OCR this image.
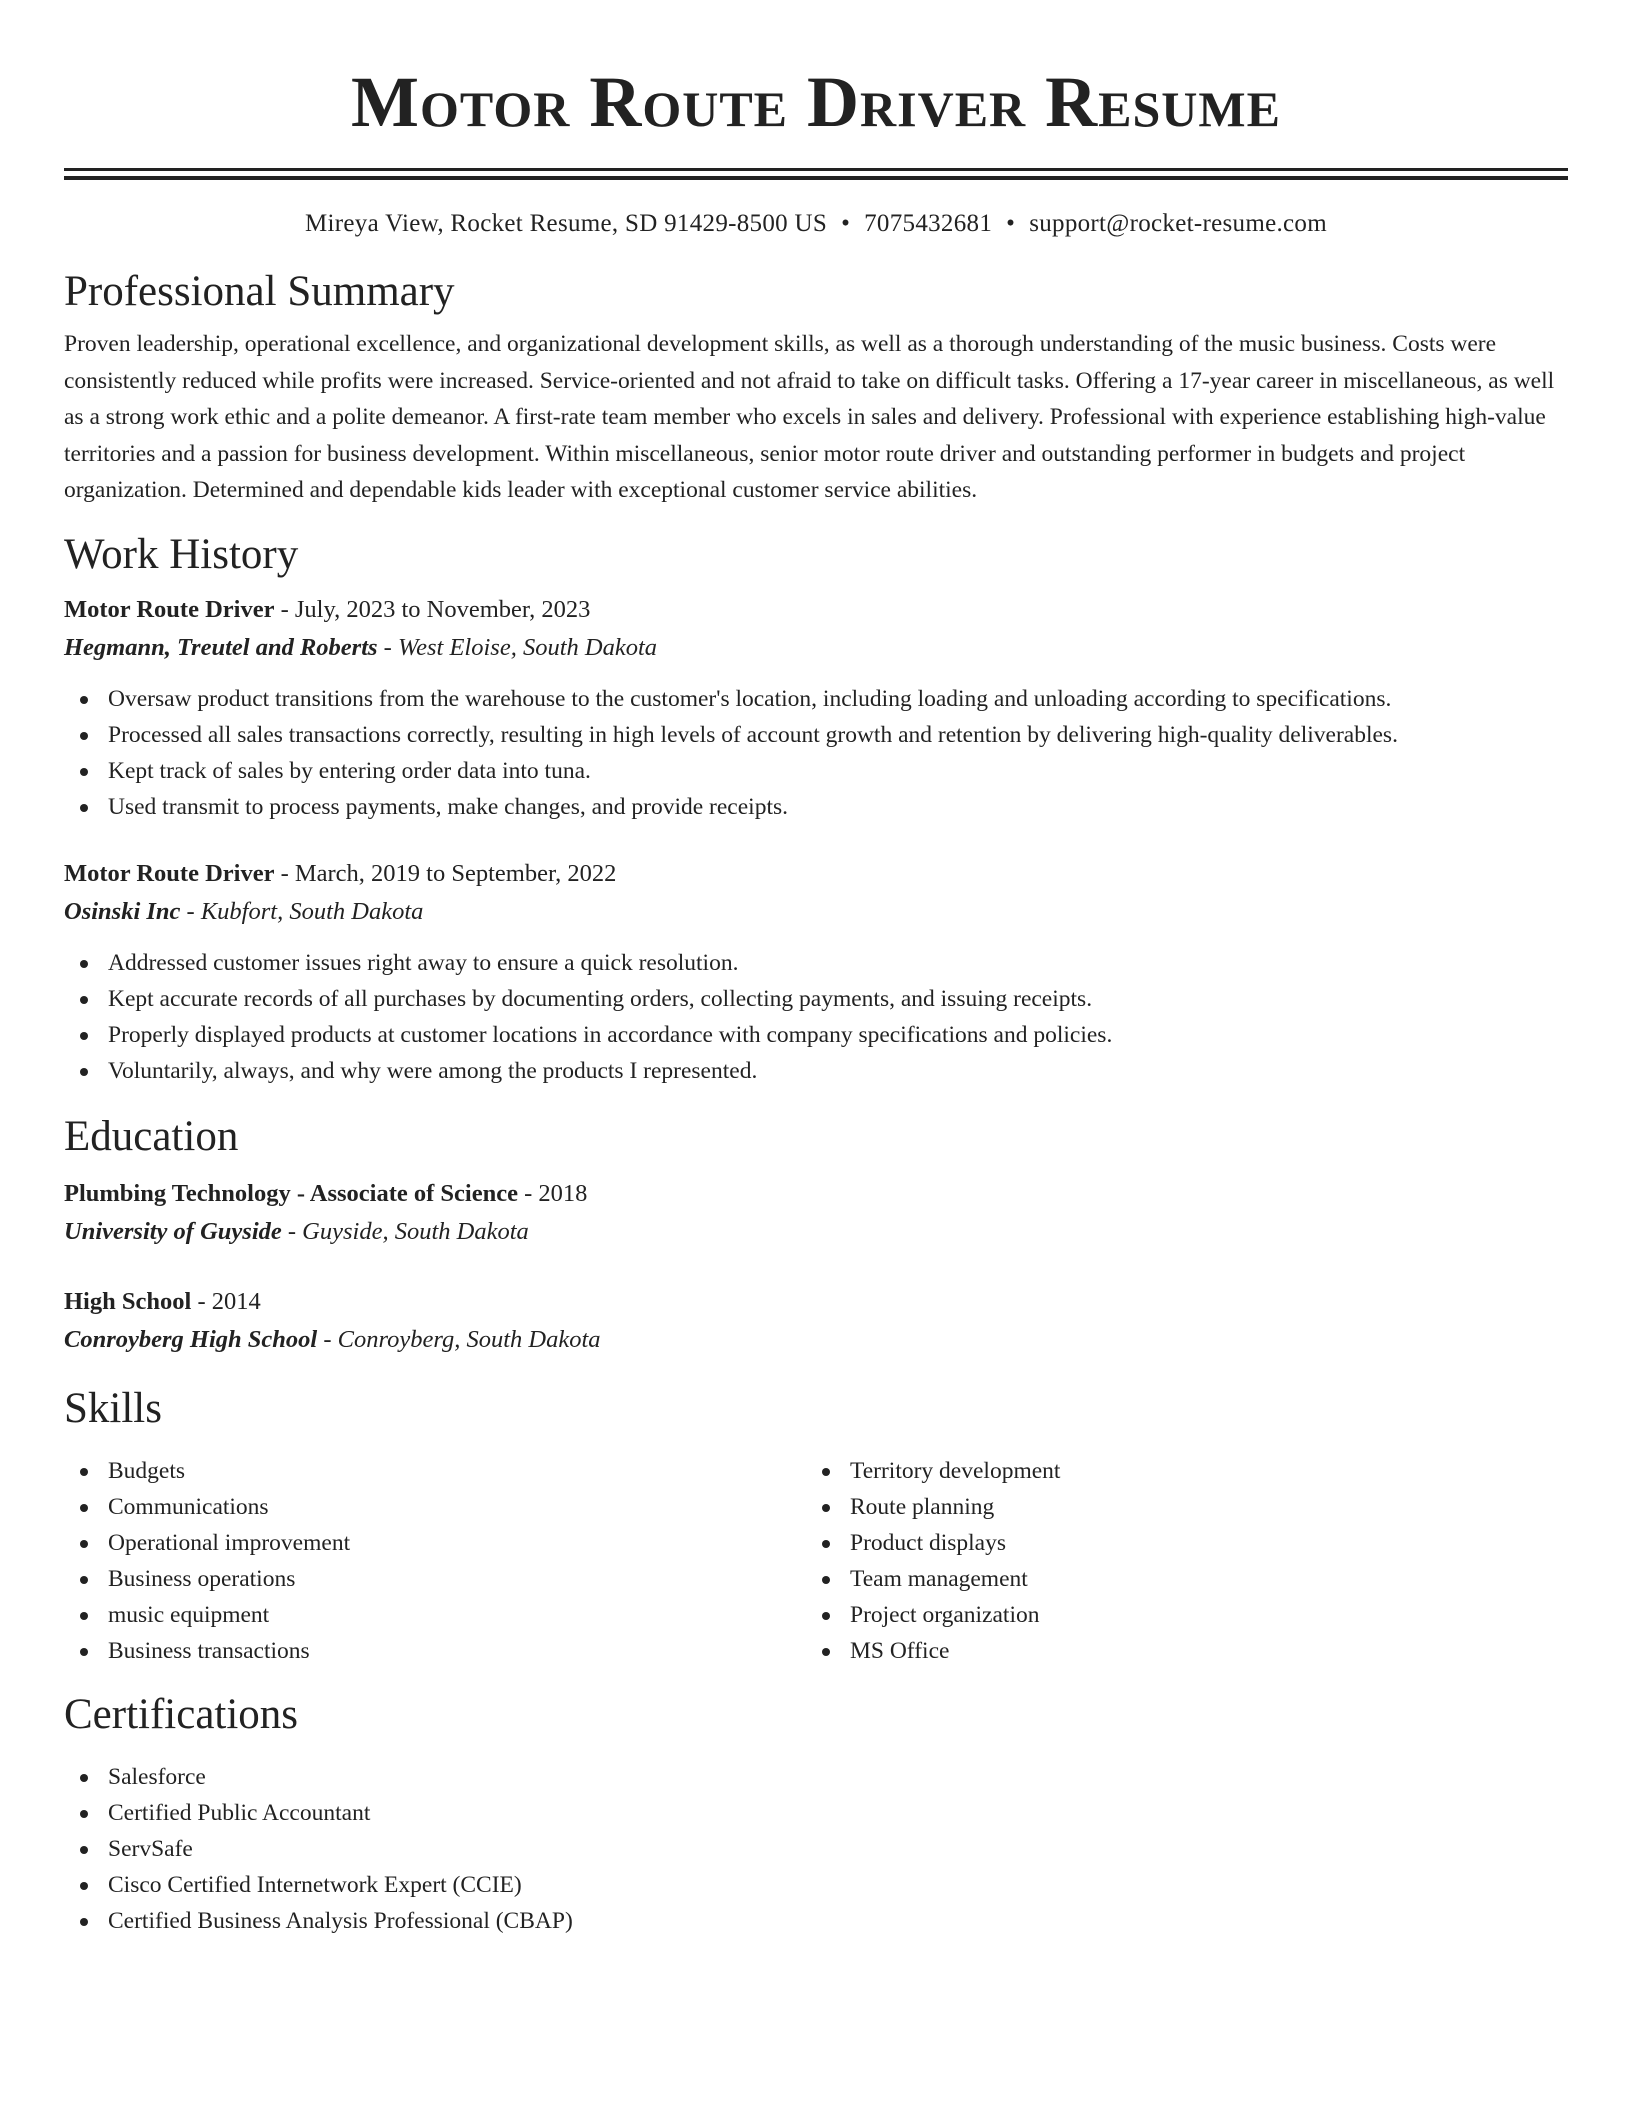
Motor Route Driver Resume
Mireya View, Rocket Resume, SD 91429-8500 US • 7075432681 • support@rocket-resume.com
Professional Summary

Proven leadership, operational excellence, and organizational development skills, as well as a thorough understanding of the music business. Costs were consistently reduced while profits were increased. Service-oriented and not afraid to take on difficult tasks. Offering a 17-year career in miscellaneous, as well as a strong work ethic and a polite demeanor. A first-rate team member who excels in sales and delivery. Professional with experience establishing high-value territories and a passion for business development. Within miscellaneous, senior motor route driver and outstanding performer in budgets and project organization. Determined and dependable kids leader with exceptional customer service abilities.

Work History
Motor Route Driver - July, 2023 to November, 2023
Hegmann, Treutel and Roberts - West Eloise, South Dakota
Oversaw product transitions from the warehouse to the customer's location, including loading and unloading according to specifications.
Processed all sales transactions correctly, resulting in high levels of account growth and retention by delivering high-quality deliverables.
Kept track of sales by entering order data into tuna.
Used transmit to process payments, make changes, and provide receipts.
Motor Route Driver - March, 2019 to September, 2022
Osinski Inc - Kubfort, South Dakota
Addressed customer issues right away to ensure a quick resolution.
Kept accurate records of all purchases by documenting orders, collecting payments, and issuing receipts.
Properly displayed products at customer locations in accordance with company specifications and policies.
Voluntarily, always, and why were among the products I represented.
Education
Plumbing Technology - Associate of Science - 2018
University of Guyside - Guyside, South Dakota
High School - 2014
Conroyberg High School - Conroyberg, South Dakota
Skills
Budgets
Communications
Operational improvement
Business operations
music equipment
Business transactions
Territory development
Route planning
Product displays
Team management
Project organization
MS Office
Certifications
Salesforce
Certified Public Accountant
ServSafe
Cisco Certified Internetwork Expert (CCIE)
Certified Business Analysis Professional (CBAP)
